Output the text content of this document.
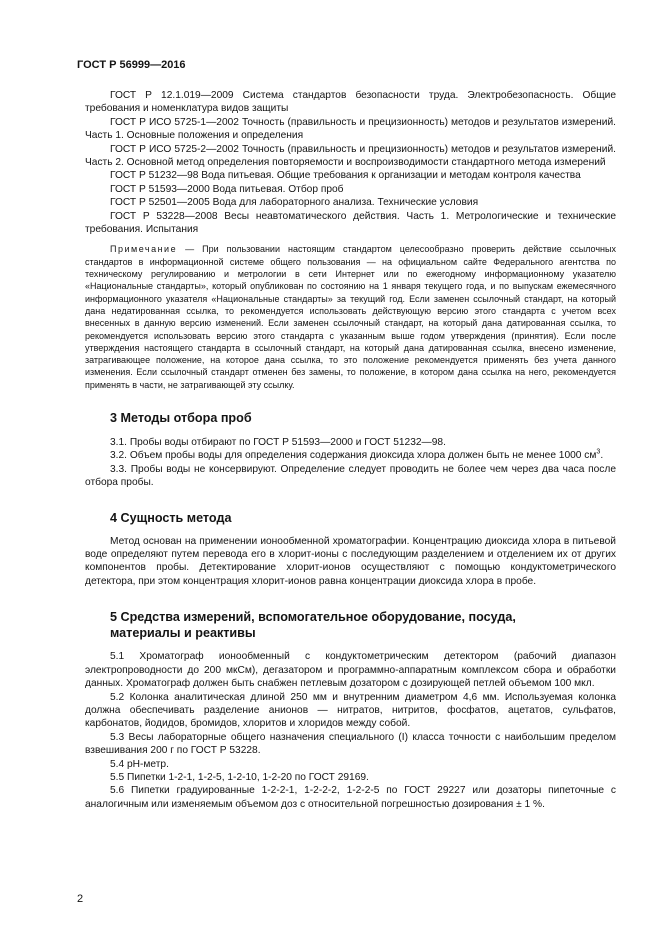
ГОСТ Р 56999—2016

ГОСТ Р 12.1.019—2009 Система стандартов безопасности труда. Электробезопасность. Общие требования и номенклатура видов защиты

ГОСТ Р ИСО 5725-1—2002 Точность (правильность и прецизионность) методов и результатов измерений. Часть 1. Основные положения и определения

ГОСТ Р ИСО 5725-2—2002 Точность (правильность и прецизионность) методов и результатов измерений. Часть 2. Основной метод определения повторяемости и воспроизводимости стандартного метода измерений

ГОСТ Р 51232—98 Вода питьевая. Общие требования к организации и методам контроля качества

ГОСТ Р 51593—2000 Вода питьевая. Отбор проб

ГОСТ Р 52501—2005 Вода для лабораторного анализа. Технические условия

ГОСТ Р 53228—2008 Весы неавтоматического действия. Часть 1. Метрологические и технические требования. Испытания

Примечание — При пользовании настоящим стандартом целесообразно проверить действие ссылочных стандартов в информационной системе общего пользования — на официальном сайте Федерального агентства по техническому регулированию и метрологии в сети Интернет или по ежегодному информационному указателю «Национальные стандарты», который опубликован по состоянию на 1 января текущего года, и по выпускам ежемесячного информационного указателя «Национальные стандарты» за текущий год. Если заменен ссылочный стандарт, на который дана недатированная ссылка, то рекомендуется использовать действующую версию этого стандарта с учетом всех внесенных в данную версию изменений. Если заменен ссылочный стандарт, на который дана датированная ссылка, то рекомендуется использовать версию этого стандарта с указанным выше годом утверждения (принятия). Если после утверждения настоящего стандарта в ссылочный стандарт, на который дана датированная ссылка, внесено изменение, затрагивающее положение, на которое дана ссылка, то это положение рекомендуется применять без учета данного изменения. Если ссылочный стандарт отменен без замены, то положение, в котором дана ссылка на него, рекомендуется применять в части, не затрагивающей эту ссылку.

3 Методы отбора проб

3.1. Пробы воды отбирают по ГОСТ Р 51593—2000 и ГОСТ 51232—98.

3.2. Объем пробы воды для определения содержания диоксида хлора должен быть не менее 1000 $см^3$.

3.3. Пробы воды не консервируют. Определение следует проводить не более чем через два часа после отбора пробы.

4 Сущность метода

Метод основан на применении ионообменной хроматографии. Концентрацию диоксида хлора в питьевой воде определяют путем перевода его в хлорит-ионы с последующим разделением и отделением их от других компонентов пробы. Детектирование хлорит-ионов осуществляют с помощью кондуктометрического детектора, при этом концентрация хлорит-ионов равна концентрации диоксида хлора в пробе.

5 Средства измерений, вспомогательное оборудование, посуда,
материалы и реактивы

5.1 Хроматограф ионообменный с кондуктометрическим детектором (рабочий диапазон электропроводности до 200 мкСм), дегазатором и программно-аппаратным комплексом сбора и обработки данных. Хроматограф должен быть снабжен петлевым дозатором с дозирующей петлей объемом 100 мкл.

5.2 Колонка аналитическая длиной 250 мм и внутренним диаметром 4,6 мм. Используемая колонка должна обеспечивать разделение анионов — нитратов, нитритов, фосфатов, ацетатов, сульфатов, карбонатов, йодидов, бромидов, хлоритов и хлоридов между собой.

5.3 Весы лабораторные общего назначения специального (I) класса точности с наибольшим пределом взвешивания 200 г по ГОСТ Р 53228.

5.4 pH-метр.

5.5 Пипетки 1-2-1, 1-2-5, 1-2-10, 1-2-20 по ГОСТ 29169.

5.6 Пипетки градуированные 1-2-2-1, 1-2-2-2, 1-2-2-5 по ГОСТ 29227 или дозаторы пипеточные с аналогичным или изменяемым объемом доз с относительной погрешностью дозирования ± 1 %.

2
